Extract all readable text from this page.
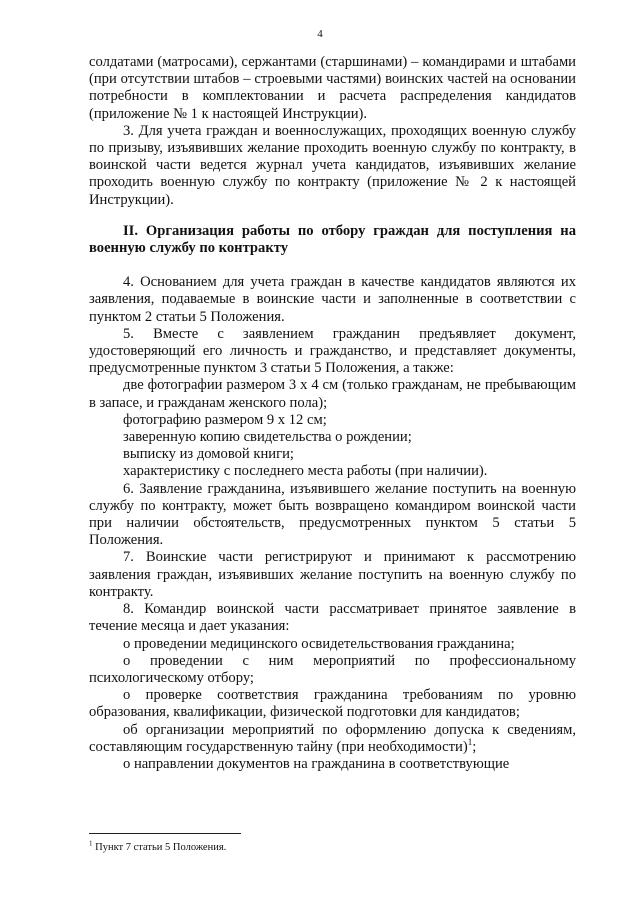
4

солдатами (матросами), сержантами (старшинами) – командирами и штабами (при отсутствии штабов – строевыми частями) воинских частей на основании потребности в комплектовании и расчета распределения кандидатов (приложение № 1 к настоящей Инструкции).

3. Для учета граждан и военнослужащих, проходящих военную службу по призыву, изъявивших желание проходить военную службу по контракту, в воинской части ведется журнал учета кандидатов, изъявивших желание проходить военную службу по контракту (приложение № 2 к настоящей Инструкции).

II. Организация работы по отбору граждан для поступления на военную службу по контракту

4. Основанием для учета граждан в качестве кандидатов являются их заявления, подаваемые в воинские части и заполненные в соответствии с пунктом 2 статьи 5 Положения.

5. Вместе с заявлением гражданин предъявляет документ, удостоверяющий его личность и гражданство, и представляет документы, предусмотренные пунктом 3 статьи 5 Положения, а также:

две фотографии размером 3 x 4 см (только гражданам, не пребывающим в запасе, и гражданам женского пола);

фотографию размером 9 x 12 см;

заверенную копию свидетельства о рождении;

выписку из домовой книги;

характеристику с последнего места работы (при наличии).

6. Заявление гражданина, изъявившего желание поступить на военную службу по контракту, может быть возвращено командиром воинской части при наличии обстоятельств, предусмотренных пунктом 5 статьи 5 Положения.

7. Воинские части регистрируют и принимают к рассмотрению заявления граждан, изъявивших желание поступить на военную службу по контракту.

8. Командир воинской части рассматривает принятое заявление в течение месяца и дает указания:

о проведении медицинского освидетельствования гражданина;

о проведении с ним мероприятий по профессиональному психологическому отбору;

о проверке соответствия гражданина требованиям по уровню образования, квалификации, физической подготовки для кандидатов;

об организации мероприятий по оформлению допуска к сведениям, составляющим государственную тайну (при необходимости)$^1$;

о направлении документов на гражданина в соответствующие

$^1$ Пункт 7 статьи 5 Положения.
